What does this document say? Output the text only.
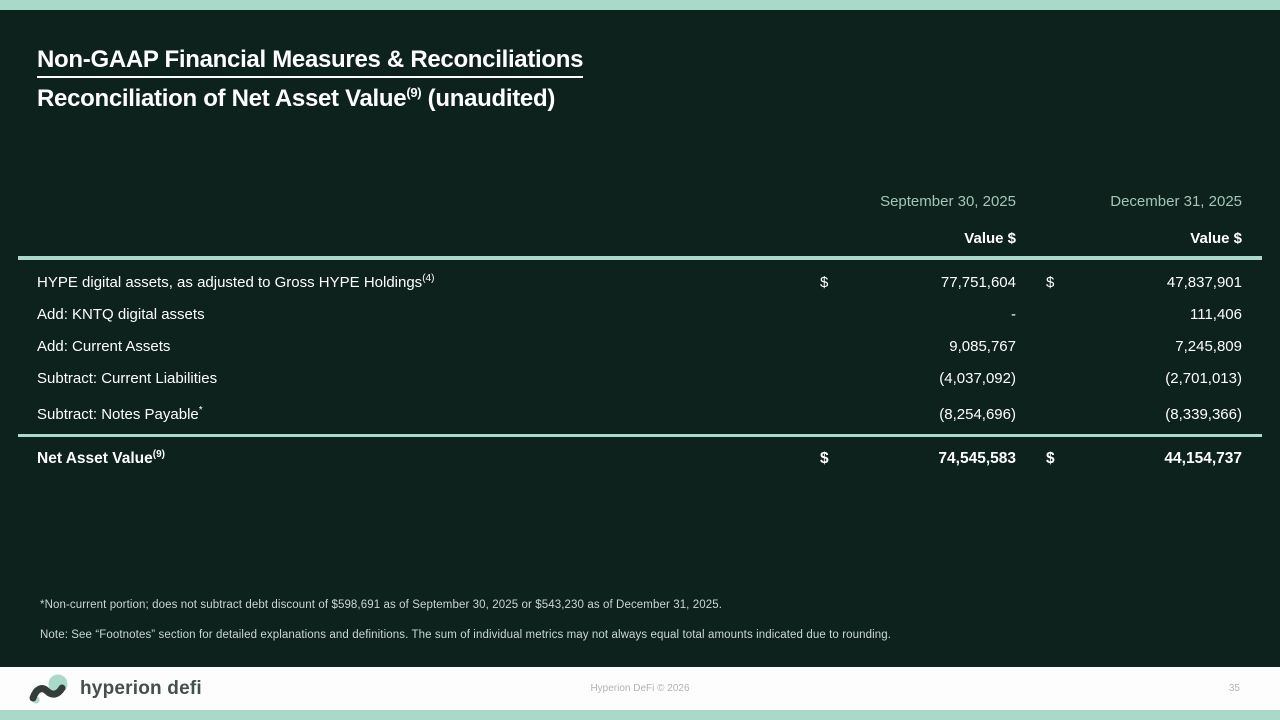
Non-GAAP Financial Measures & Reconciliations
Reconciliation of Net Asset Value$^{(9)}$ (unaudited)
September 30, 2025	December 31, 2025
Value $	Value $
HYPE digital assets, as adjusted to Gross HYPE Holdings$^{(4)}$	$	77,751,604 $	47,837,901
Add: KNTQ digital assets	-	111,406
Add: Current Assets	9,085,767	7,245,809
Subtract: Current Liabilities	(4,037,092)	(2,701,013)
Subtract: Notes Payable*	(8,254,696)	(8,339,366)
Net Asset Value$^{(9)}$	$	74,545,583 $	44,154,737
*Non-current portion; does not subtract debt discount of $598,691 as of September 30, 2025 or $543,230 as of December 31, 2025.
Note: See “Footnotes” section for detailed explanations and definitions. The sum of individual metrics may not always equal total amounts indicated due to rounding.
hyperion defi	Hyperion DeFi © 2026	35
